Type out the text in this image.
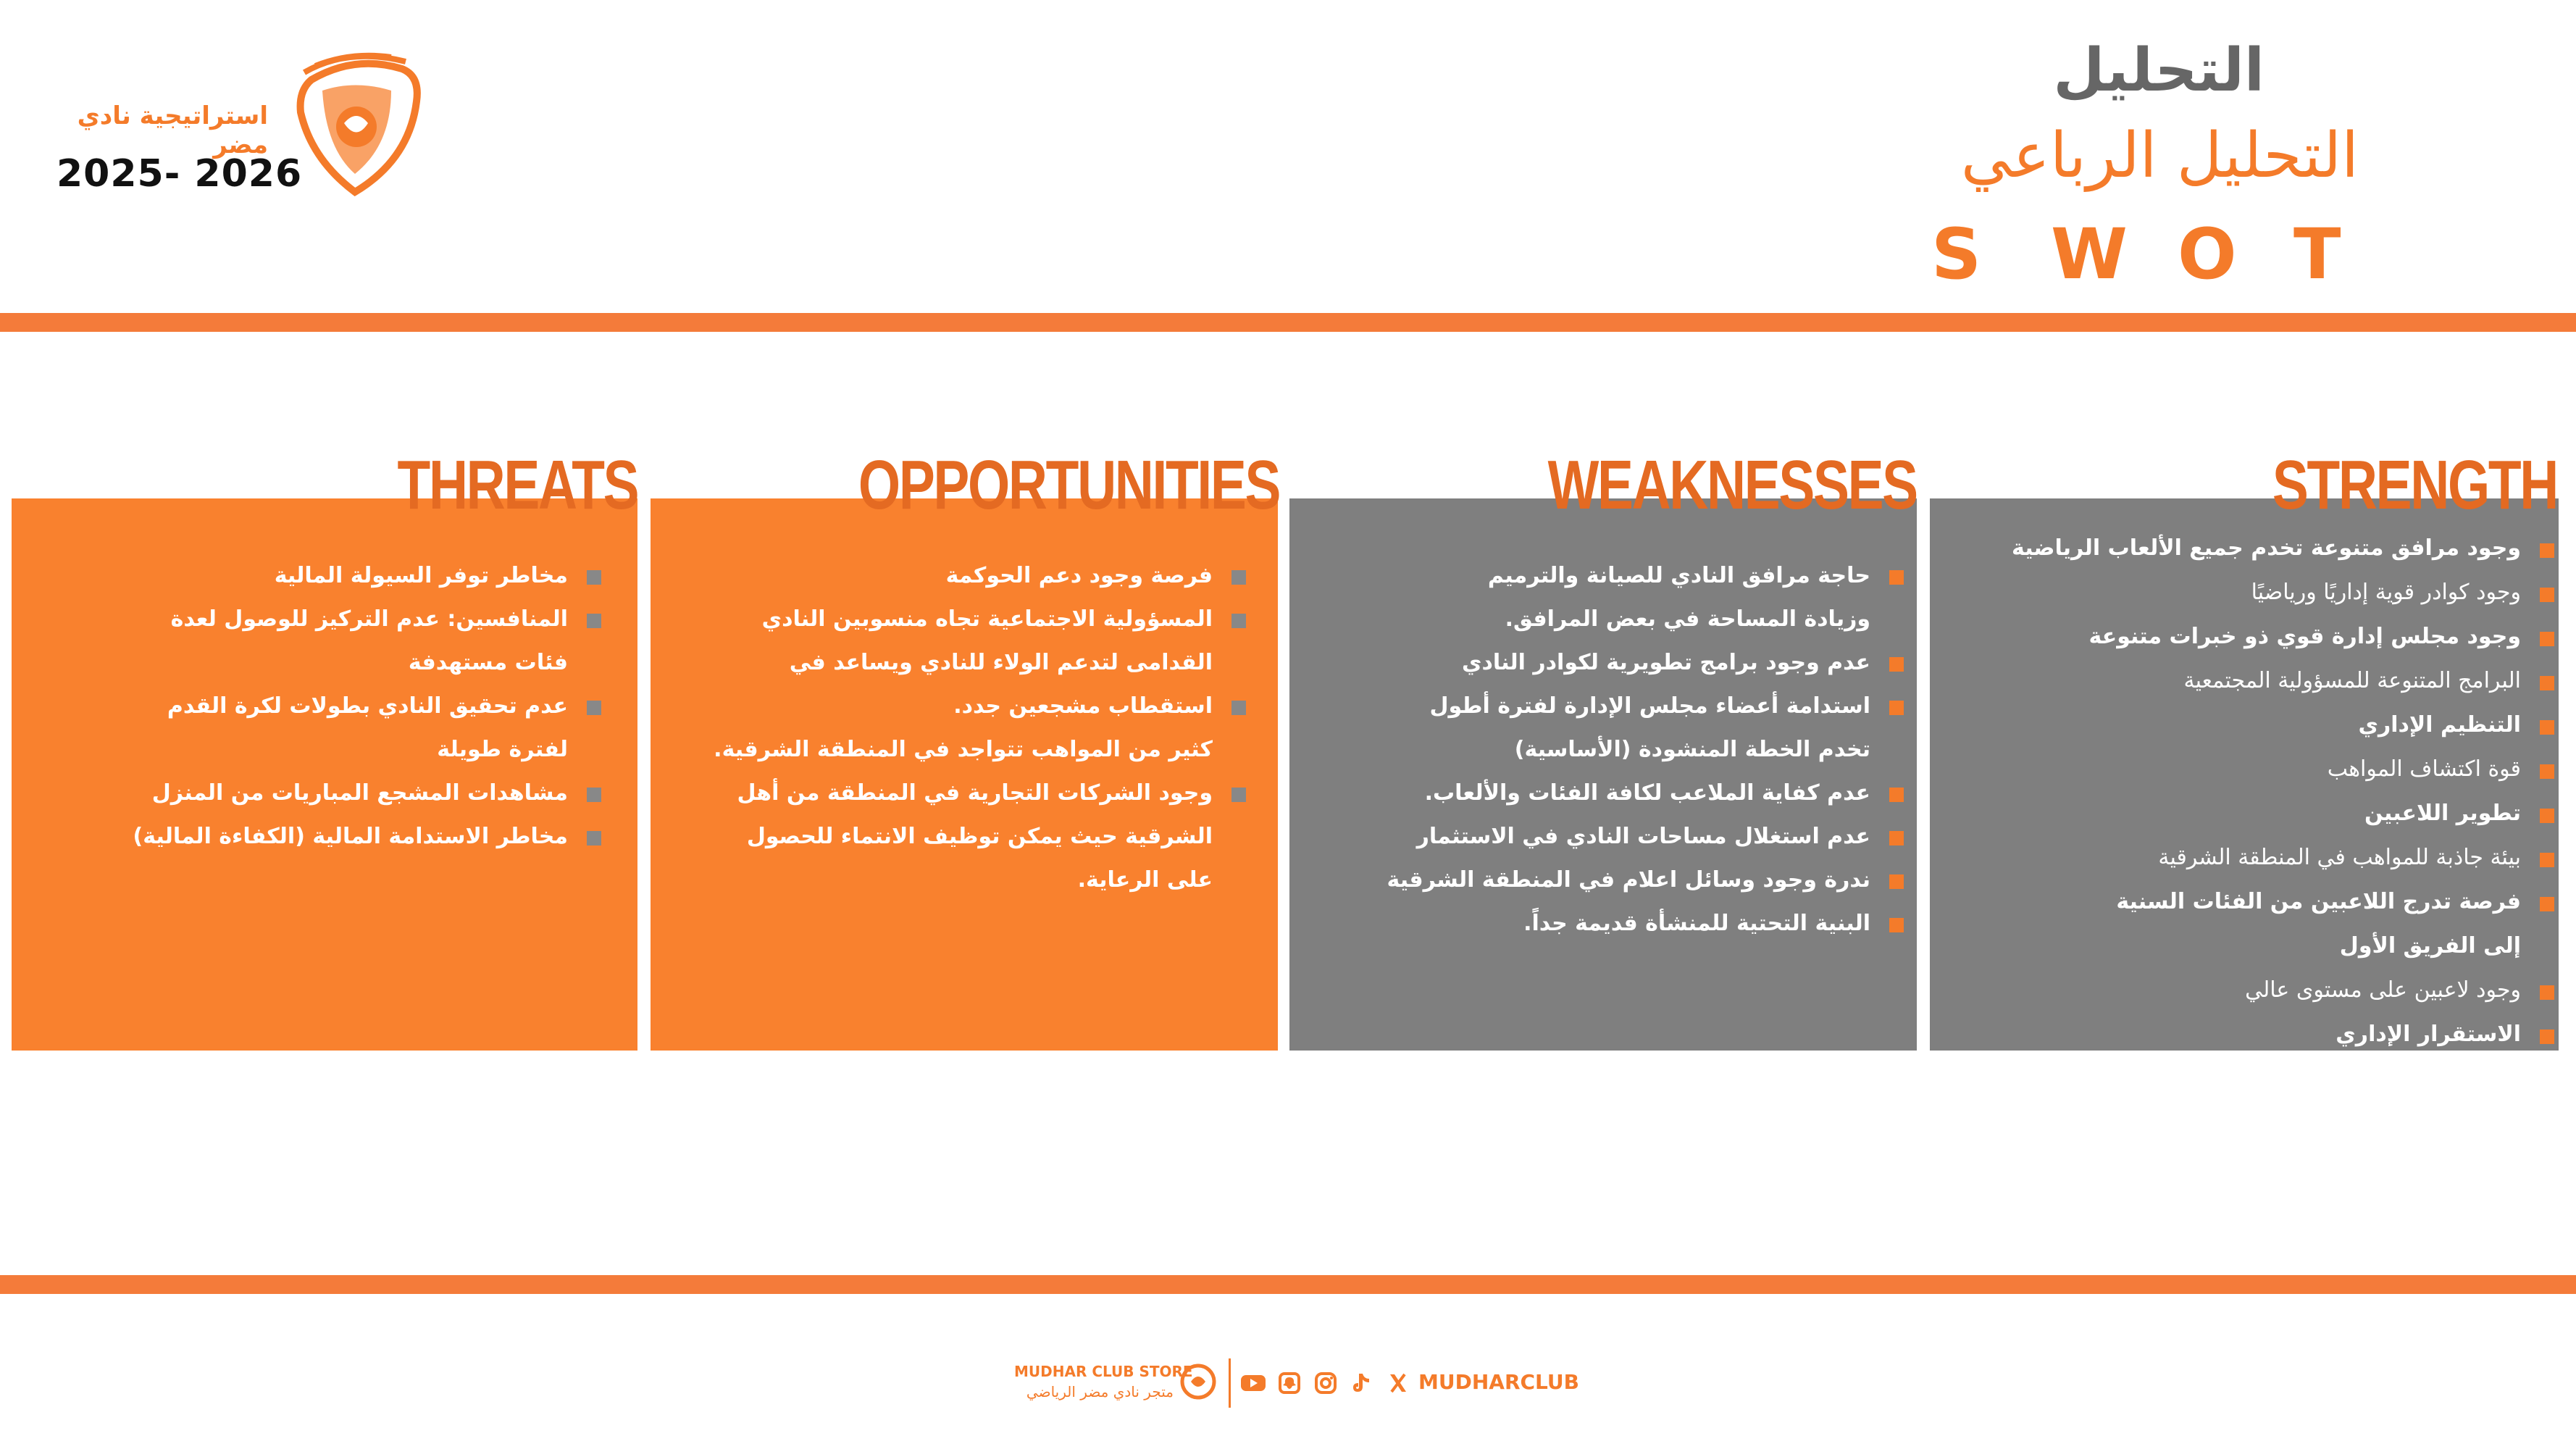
استراتيجية نادي مضر
2025- 2026
التحليل
التحليل الرباعي
S W O T
THREATS
مخاطر توفر السيولة المالية
المنافسين: عدم التركيز للوصول لعدة
فئات مستهدفة
عدم تحقيق النادي بطولات لكرة القدم
لفترة طويلة
مشاهدات المشجع المباريات من المنزل
مخاطر الاستدامة المالية (الكفاءة المالية)
OPPORTUNITIES
فرصة وجود دعم الحوكمة
المسؤولية الاجتماعية تجاه منسوبين النادي
القدامى لتدعم الولاء للنادي ويساعد في
استقطاب مشجعين جدد.
كثير من المواهب تتواجد في المنطقة الشرقية.
وجود الشركات التجارية في المنطقة من أهل
الشرقية حيث يمكن توظيف الانتماء للحصول
على الرعاية.
WEAKNESSES
حاجة مرافق النادي للصيانة والترميم
وزيادة المساحة في بعض المرافق.
عدم وجود برامج تطويرية لكوادر النادي
استدامة أعضاء مجلس الإدارة لفترة أطول
تخدم الخطة المنشودة (الأساسية)
عدم كفاية الملاعب لكافة الفئات والألعاب.
عدم استغلال مساحات النادي في الاستثمار
ندرة وجود وسائل اعلام في المنطقة الشرقية
البنية التحتية للمنشأة قديمة جداً.
STRENGTH
وجود مرافق متنوعة تخدم جميع الألعاب الرياضية
وجود كوادر قوية إداريًا ورياضيًا
وجود مجلس إدارة قوي ذو خبرات متنوعة
البرامج المتنوعة للمسؤولية المجتمعية
التنظيم الإداري
قوة اكتشاف المواهب
تطوير اللاعبين
بيئة جاذبة للمواهب في المنطقة الشرقية
فرصة تدرج اللاعبين من الفئات السنية
إلى الفريق الأول
وجود لاعبين على مستوى عالي
الاستقرار الإداري
MUDHAR CLUB STORE
متجر نادي مضر الرياضي	MUDHARCLUB
